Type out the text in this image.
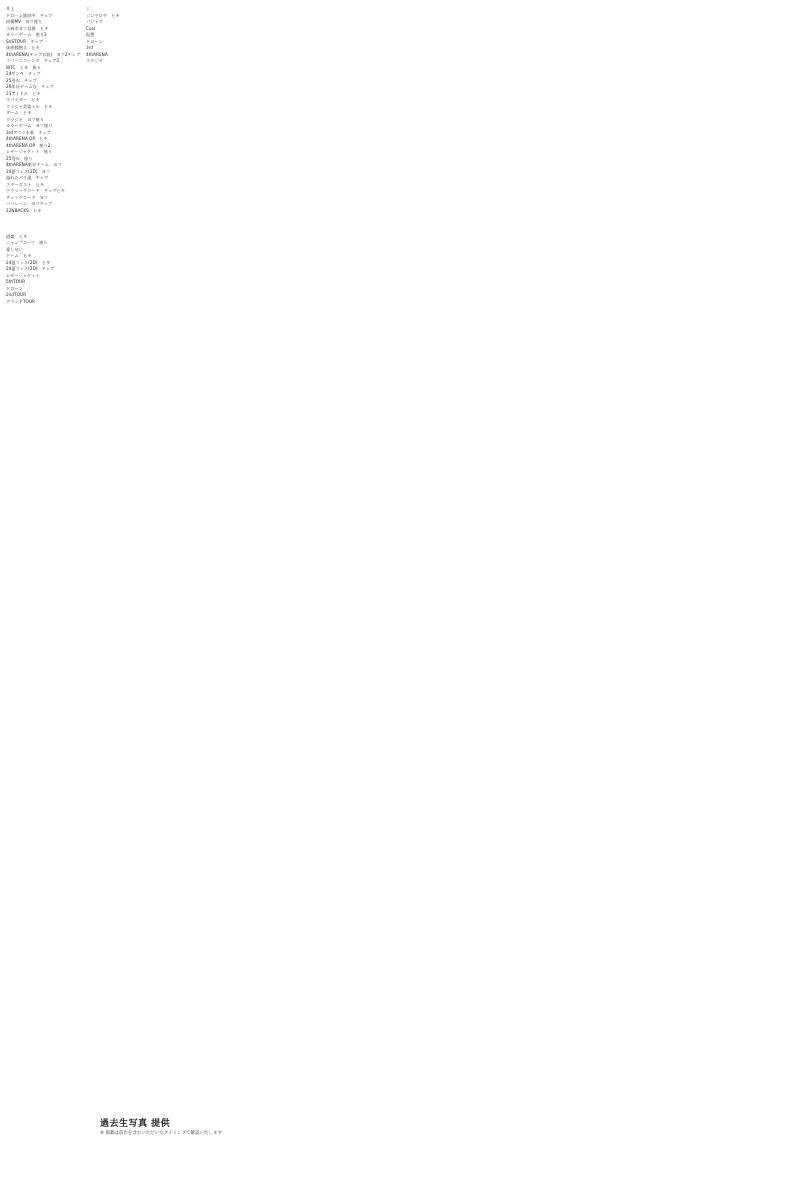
井上
ドローン旅回中　チェブ
同棲MV　ヨツ座り
小林幸ヨツ忍群　ヒキ
カラーゲーム　座り2
SnSTOUR　チェブ
床座膝抱え　ヒキ
4thARENA(チェブ衣装)　ヨツ2チェブ
ラパーニコーンダ　チェブ2
WTC　ヒキ　座り
24サンタ　チェブ
25浴衣　チェブ
26年長ゲームな　チェブ
23アイドル　ヒキ
スパイダー　ヒキ
ウラジャ美姿ミル　ヒキ
ダーム　ヒキ
ウラジャ　ヨツ座り
カラーゲーム　ヨツ座り
3rdアニラ水着　チェブ
4thARENA OP　ヒキ
4thARENA OP　座り2
レザージャケット　座り
25浴衣　座り
4thARENA東京ドーム　ヨツ
24夏フェス(2D)　ヨツ
溢れたパリ池　チェブ
スターダスト　ヒキ
クラシックコード　チェブヒキ
チェックコード　ヨツ
ババレーン　ヨツチェブ
12NBACKS　ヒキ
道楽　ヒキ
ジャンプスーツ　座り
愛しせい
ドーム　ヒキ
24夏フェス(2D)　ヒキ
24夏フェス(2D)　チェブ
レザージャケット
5thTOUR
ドローン
2ndTOUR
グランドTOUR
ジ
ジンヤロゲ　ヒキ
パジャマ
Cool
仮想
ドローン
3rd
4thARENA
スタジオ
過去生写真 提供
※ 掲載は前作を含むいただいたタイミングで確認いたします
